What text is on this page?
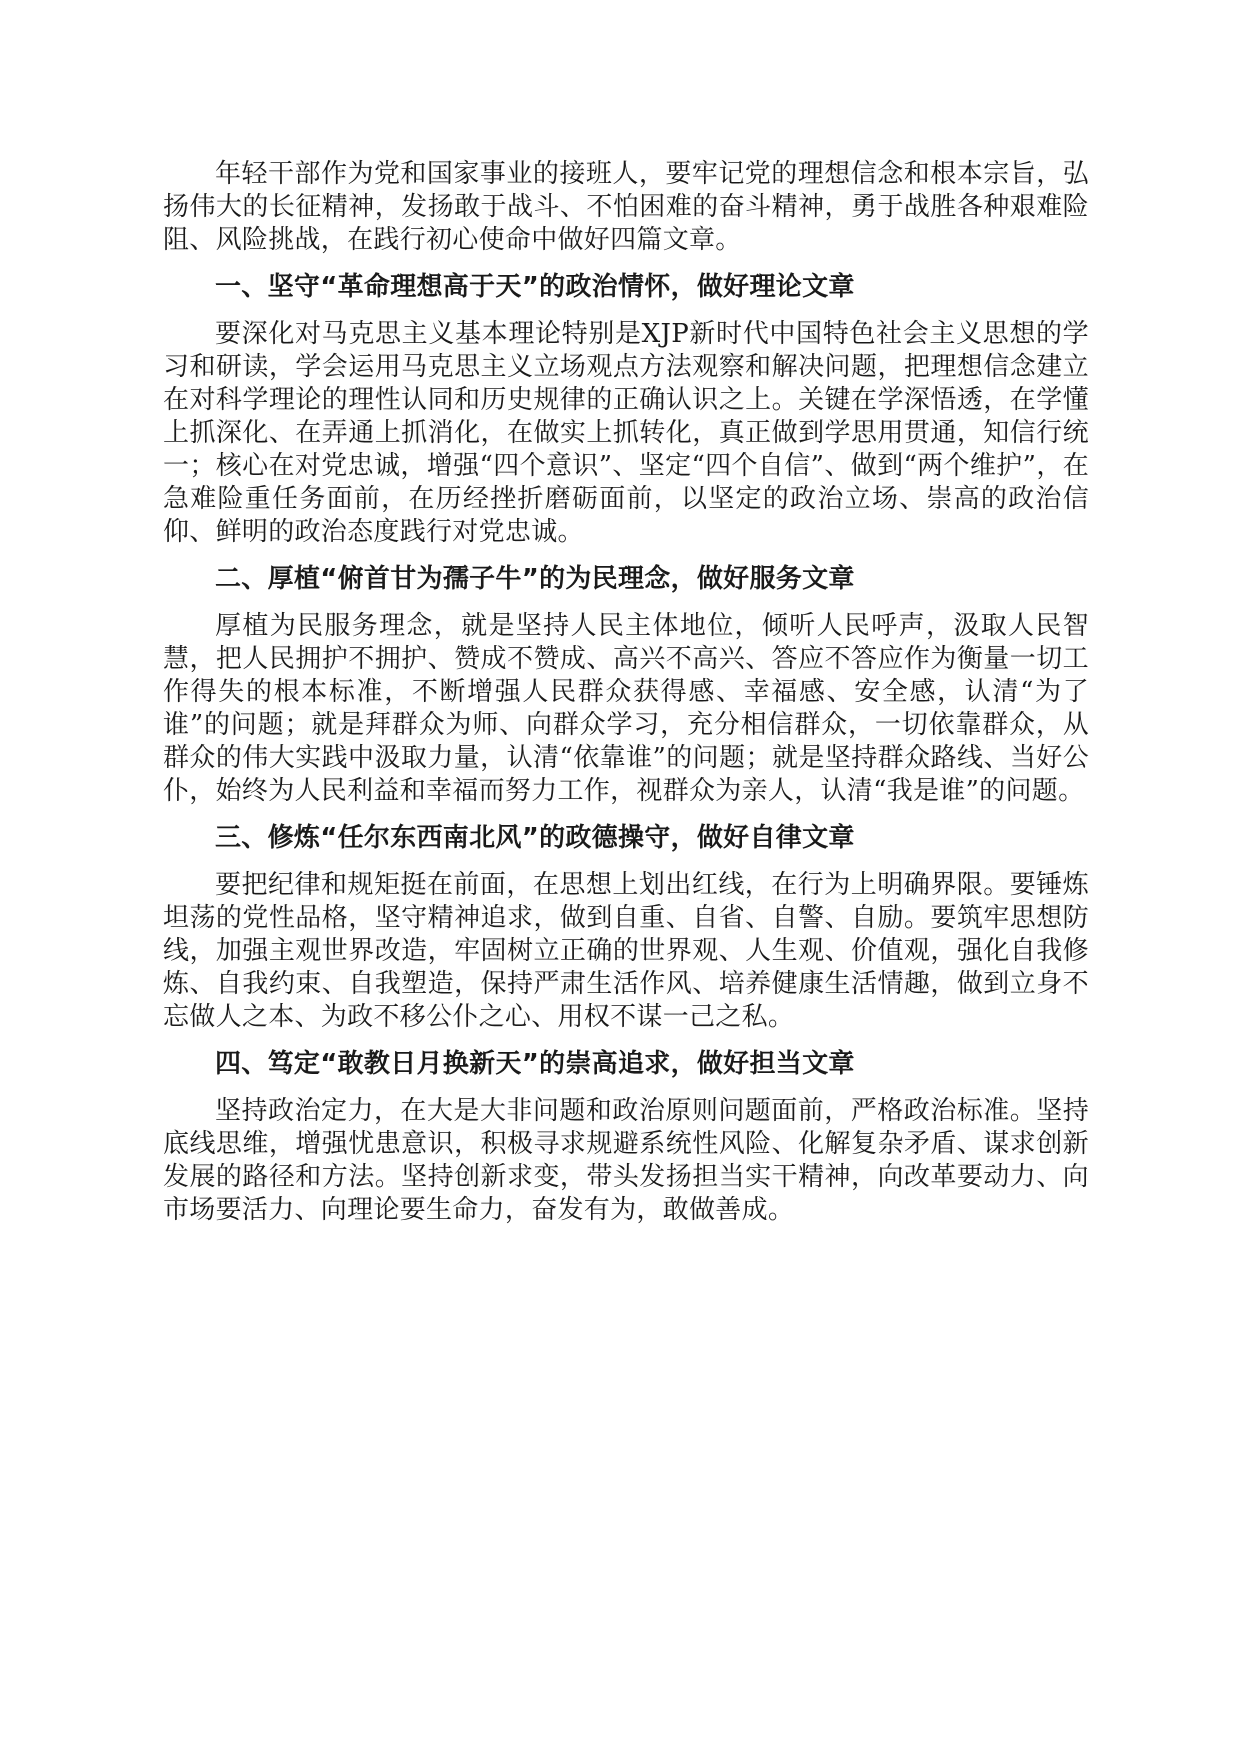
年轻干部作为党和国家事业的接班人，要牢记党的理想信念和根本宗旨，弘扬伟大的长征精神，发扬敢于战斗、不怕困难的奋斗精神，勇于战胜各种艰难险阻、风险挑战，在践行初心使命中做好四篇文章。

一、坚守“革命理想高于天”的政治情怀，做好理论文章

要深化对马克思主义基本理论特别是XJP新时代中国特色社会主义思想的学习和研读，学会运用马克思主义立场观点方法观察和解决问题，把理想信念建立在对科学理论的理性认同和历史规律的正确认识之上。关键在学深悟透，在学懂上抓深化、在弄通上抓消化，在做实上抓转化，真正做到学思用贯通，知信行统一；核心在对党忠诚，增强“四个意识”、坚定“四个自信”、做到“两个维护”，在急难险重任务面前，在历经挫折磨砺面前，以坚定的政治立场、崇高的政治信仰、鲜明的政治态度践行对党忠诚。

二、厚植“俯首甘为孺子牛”的为民理念，做好服务文章

厚植为民服务理念，就是坚持人民主体地位，倾听人民呼声，汲取人民智慧，把人民拥护不拥护、赞成不赞成、高兴不高兴、答应不答应作为衡量一切工作得失的根本标准，不断增强人民群众获得感、幸福感、安全感，认清“为了谁”的问题；就是拜群众为师、向群众学习，充分相信群众，一切依靠群众，从群众的伟大实践中汲取力量，认清“依靠谁”的问题；就是坚持群众路线、当好公仆，始终为人民利益和幸福而努力工作，视群众为亲人，认清“我是谁”的问题。

三、修炼“任尔东西南北风”的政德操守，做好自律文章

要把纪律和规矩挺在前面，在思想上划出红线，在行为上明确界限。要锤炼坦荡的党性品格，坚守精神追求，做到自重、自省、自警、自励。要筑牢思想防线，加强主观世界改造，牢固树立正确的世界观、人生观、价值观，强化自我修炼、自我约束、自我塑造，保持严肃生活作风、培养健康生活情趣，做到立身不忘做人之本、为政不移公仆之心、用权不谋一己之私。

四、笃定“敢教日月换新天”的崇高追求，做好担当文章

坚持政治定力，在大是大非问题和政治原则问题面前，严格政治标准。坚持底线思维，增强忧患意识，积极寻求规避系统性风险、化解复杂矛盾、谋求创新发展的路径和方法。坚持创新求变，带头发扬担当实干精神，向改革要动力、向市场要活力、向理论要生命力，奋发有为，敢做善成。
